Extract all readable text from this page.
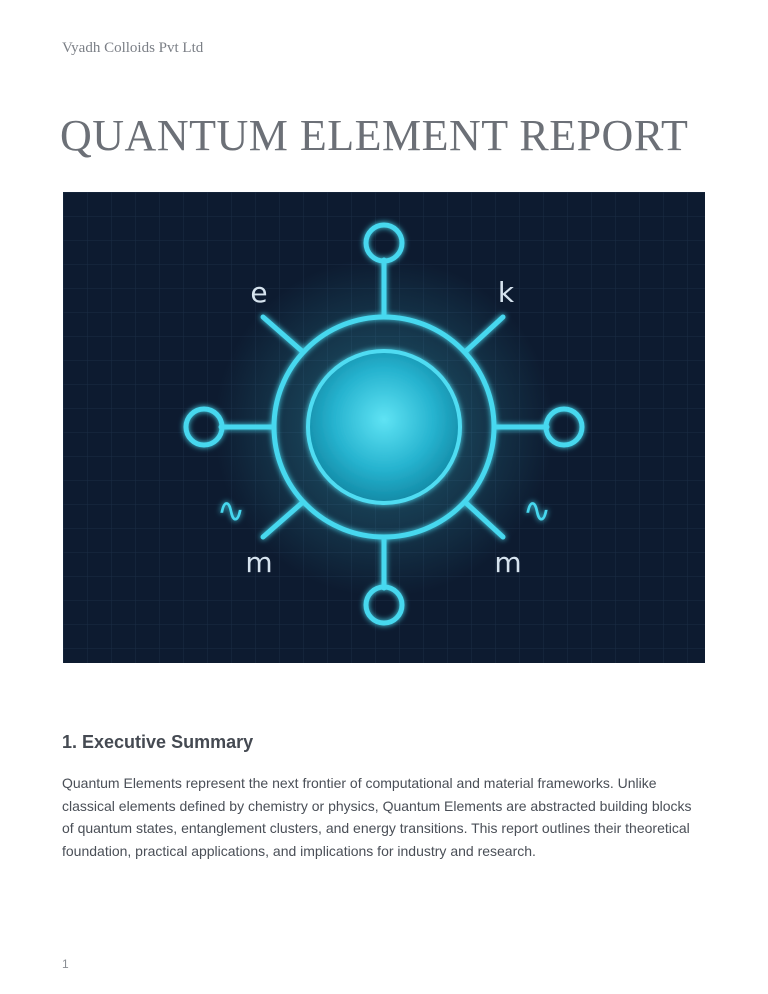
Vyadh Colloids Pvt Ltd
QUANTUM ELEMENT REPORT
e	k
m	m
∿	∿
1. Executive Summary

Quantum Elements represent the next frontier of computational and material frameworks. Unlike classical elements defined by chemistry or physics, Quantum Elements are abstracted building blocks of quantum states, entanglement clusters, and energy transitions. This report outlines their theoretical foundation, practical applications, and implications for industry and research.

1
